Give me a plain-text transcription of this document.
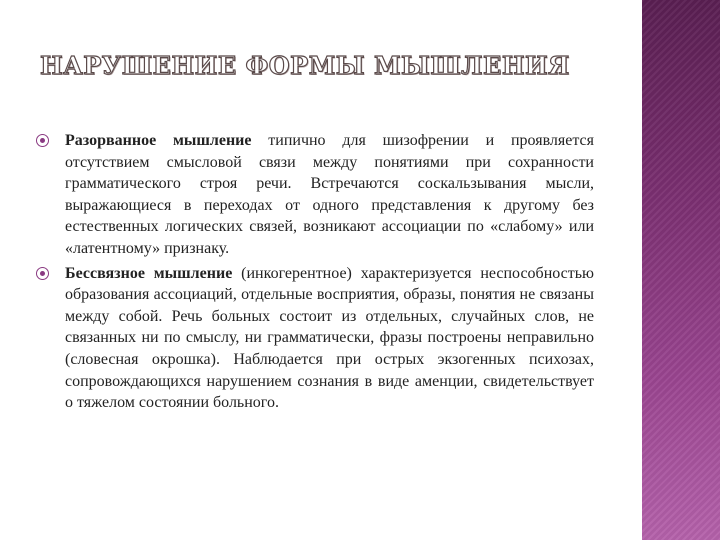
НАРУШЕНИЕ ФОРМЫ МЫШЛЕНИЯ
Разорванное мышление типично для шизофрении и проявляется отсутствием смысловой связи между понятиями при сохранности грамматического строя речи. Встречаются соскальзывания мысли, выражающиеся в переходах от одного представления к другому без естественных логических связей, возникают ассоциации по «слабому» или «латентному» признаку.
Бессвязное мышление (инкогерентное) характеризуется неспособностью образования ассоциаций, отдельные восприятия, образы, понятия не связаны между собой. Речь больных состоит из отдельных, случайных слов, не связанных ни по смыслу, ни грамматически, фразы построены неправильно (словесная окрошка). Наблюдается при острых экзогенных психозах, сопровождающихся нарушением сознания в виде аменции, свидетельствует о тяжелом состоянии больного.
